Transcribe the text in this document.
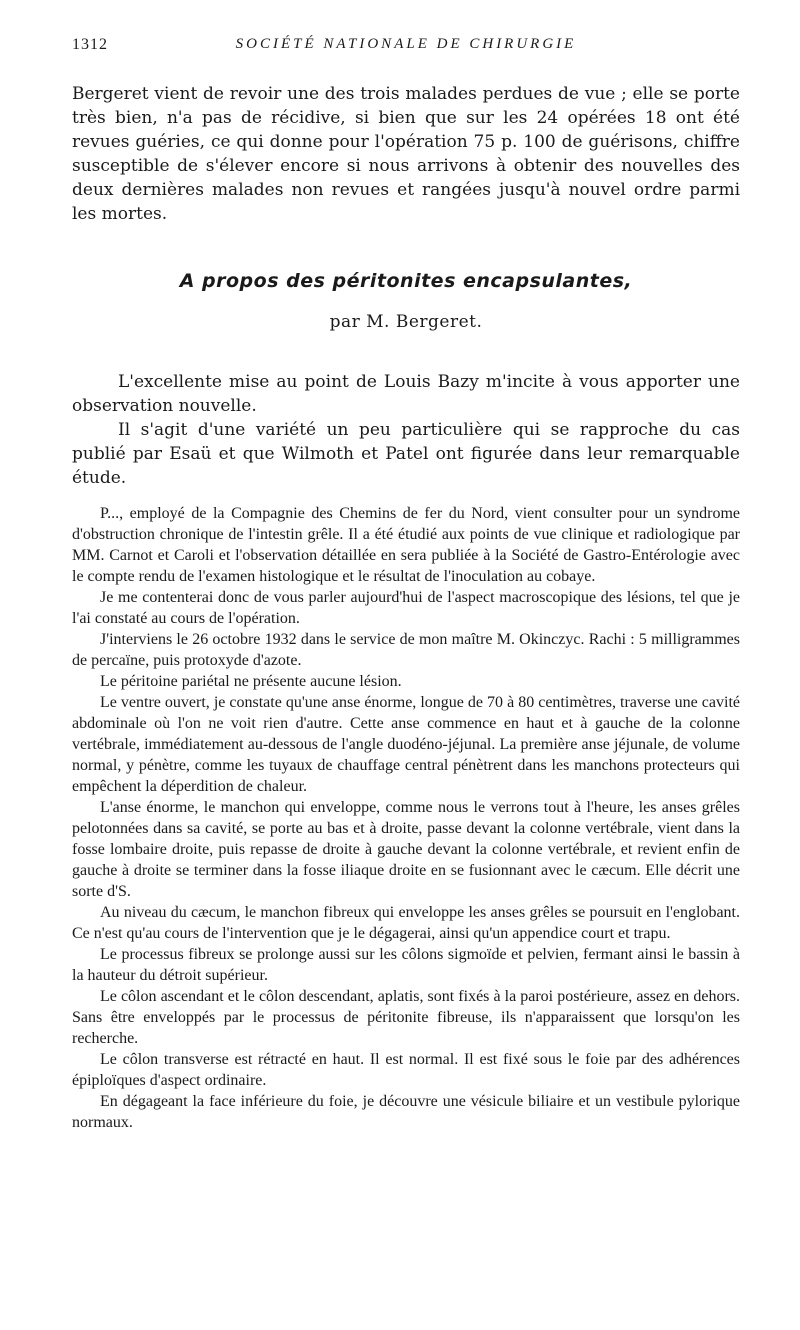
1312	SOCIÉTÉ NATIONALE DE CHIRURGIE

Bergeret vient de revoir une des trois malades perdues de vue ; elle se porte très bien, n'a pas de récidive, si bien que sur les 24 opérées 18 ont été revues guéries, ce qui donne pour l'opération 75 p. 100 de guérisons, chiffre susceptible de s'élever encore si nous arrivons à obtenir des nouvelles des deux dernières malades non revues et rangées jusqu'à nouvel ordre parmi les mortes.

A propos des péritonites encapsulantes,
par M. Bergeret.

L'excellente mise au point de Louis Bazy m'incite à vous apporter une observation nouvelle.

Il s'agit d'une variété un peu particulière qui se rapproche du cas publié par Esaü et que Wilmoth et Patel ont figurée dans leur remarquable étude.

P..., employé de la Compagnie des Chemins de fer du Nord, vient consulter pour un syndrome d'obstruction chronique de l'intestin grêle. Il a été étudié aux points de vue clinique et radiologique par MM. Carnot et Caroli et l'observation détaillée en sera publiée à la Société de Gastro-Entérologie avec le compte rendu de l'examen histologique et le résultat de l'inoculation au cobaye.

Je me contenterai donc de vous parler aujourd'hui de l'aspect macroscopique des lésions, tel que je l'ai constaté au cours de l'opération.

J'interviens le 26 octobre 1932 dans le service de mon maître M. Okinczyc. Rachi : 5 milligrammes de percaïne, puis protoxyde d'azote.

Le péritoine pariétal ne présente aucune lésion.

Le ventre ouvert, je constate qu'une anse énorme, longue de 70 à 80 centimètres, traverse une cavité abdominale où l'on ne voit rien d'autre. Cette anse commence en haut et à gauche de la colonne vertébrale, immédiatement au-dessous de l'angle duodéno-jéjunal. La première anse jéjunale, de volume normal, y pénètre, comme les tuyaux de chauffage central pénètrent dans les manchons protecteurs qui empêchent la déperdition de chaleur.

L'anse énorme, le manchon qui enveloppe, comme nous le verrons tout à l'heure, les anses grêles pelotonnées dans sa cavité, se porte au bas et à droite, passe devant la colonne vertébrale, vient dans la fosse lombaire droite, puis repasse de droite à gauche devant la colonne vertébrale, et revient enfin de gauche à droite se terminer dans la fosse iliaque droite en se fusionnant avec le cæcum. Elle décrit une sorte d'S.

Au niveau du cæcum, le manchon fibreux qui enveloppe les anses grêles se poursuit en l'englobant. Ce n'est qu'au cours de l'intervention que je le dégagerai, ainsi qu'un appendice court et trapu.

Le processus fibreux se prolonge aussi sur les côlons sigmoïde et pelvien, fermant ainsi le bassin à la hauteur du détroit supérieur.

Le côlon ascendant et le côlon descendant, aplatis, sont fixés à la paroi postérieure, assez en dehors. Sans être enveloppés par le processus de péritonite fibreuse, ils n'apparaissent que lorsqu'on les recherche.

Le côlon transverse est rétracté en haut. Il est normal. Il est fixé sous le foie par des adhérences épiploïques d'aspect ordinaire.

En dégageant la face inférieure du foie, je découvre une vésicule biliaire et un vestibule pylorique normaux.
